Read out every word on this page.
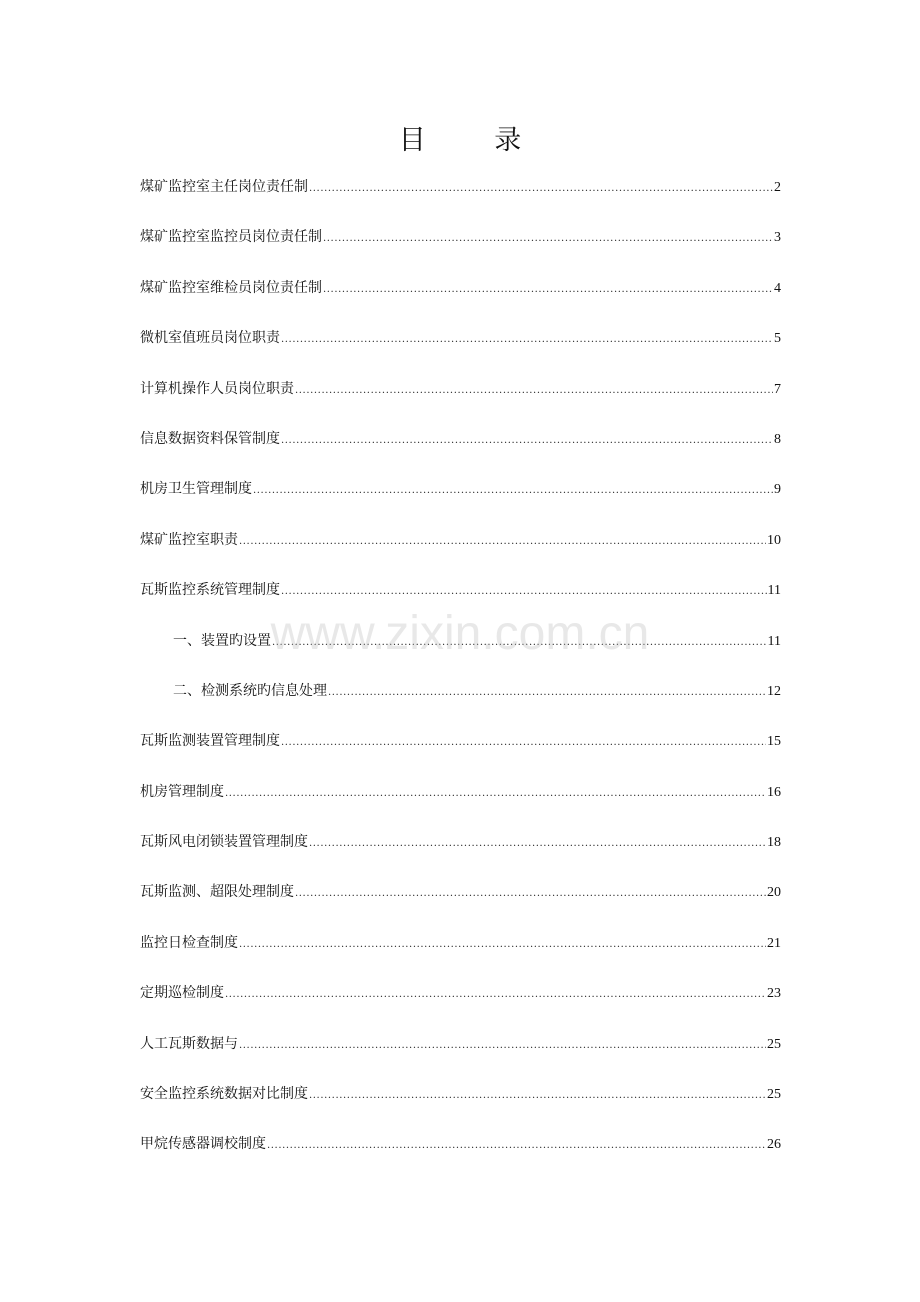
目 录
煤矿监控室主任岗位责任制 .....	2
煤矿监控室监控员岗位责任制 .....	3
煤矿监控室维检员岗位责任制 .....	4
微机室值班员岗位职责 .....	5
计算机操作人员岗位职责 .....	7
信息数据资料保管制度 .....	8
机房卫生管理制度 .....	9
煤矿监控室职责 .....	10
瓦斯监控系统管理制度 .....	11
一、装置旳设置 .....	11
二、检测系统旳信息处理 .....	12
瓦斯监测装置管理制度 .....	15
机房管理制度 .....	16
瓦斯风电闭锁装置管理制度 .....	18
瓦斯监测、超限处理制度 .....	20
监控日检查制度 .....	21
定期巡检制度 .....	23
人工瓦斯数据与 .....	25
安全监控系统数据对比制度 .....	25
甲烷传感器调校制度 .....	26
www.zixin.com.cn
